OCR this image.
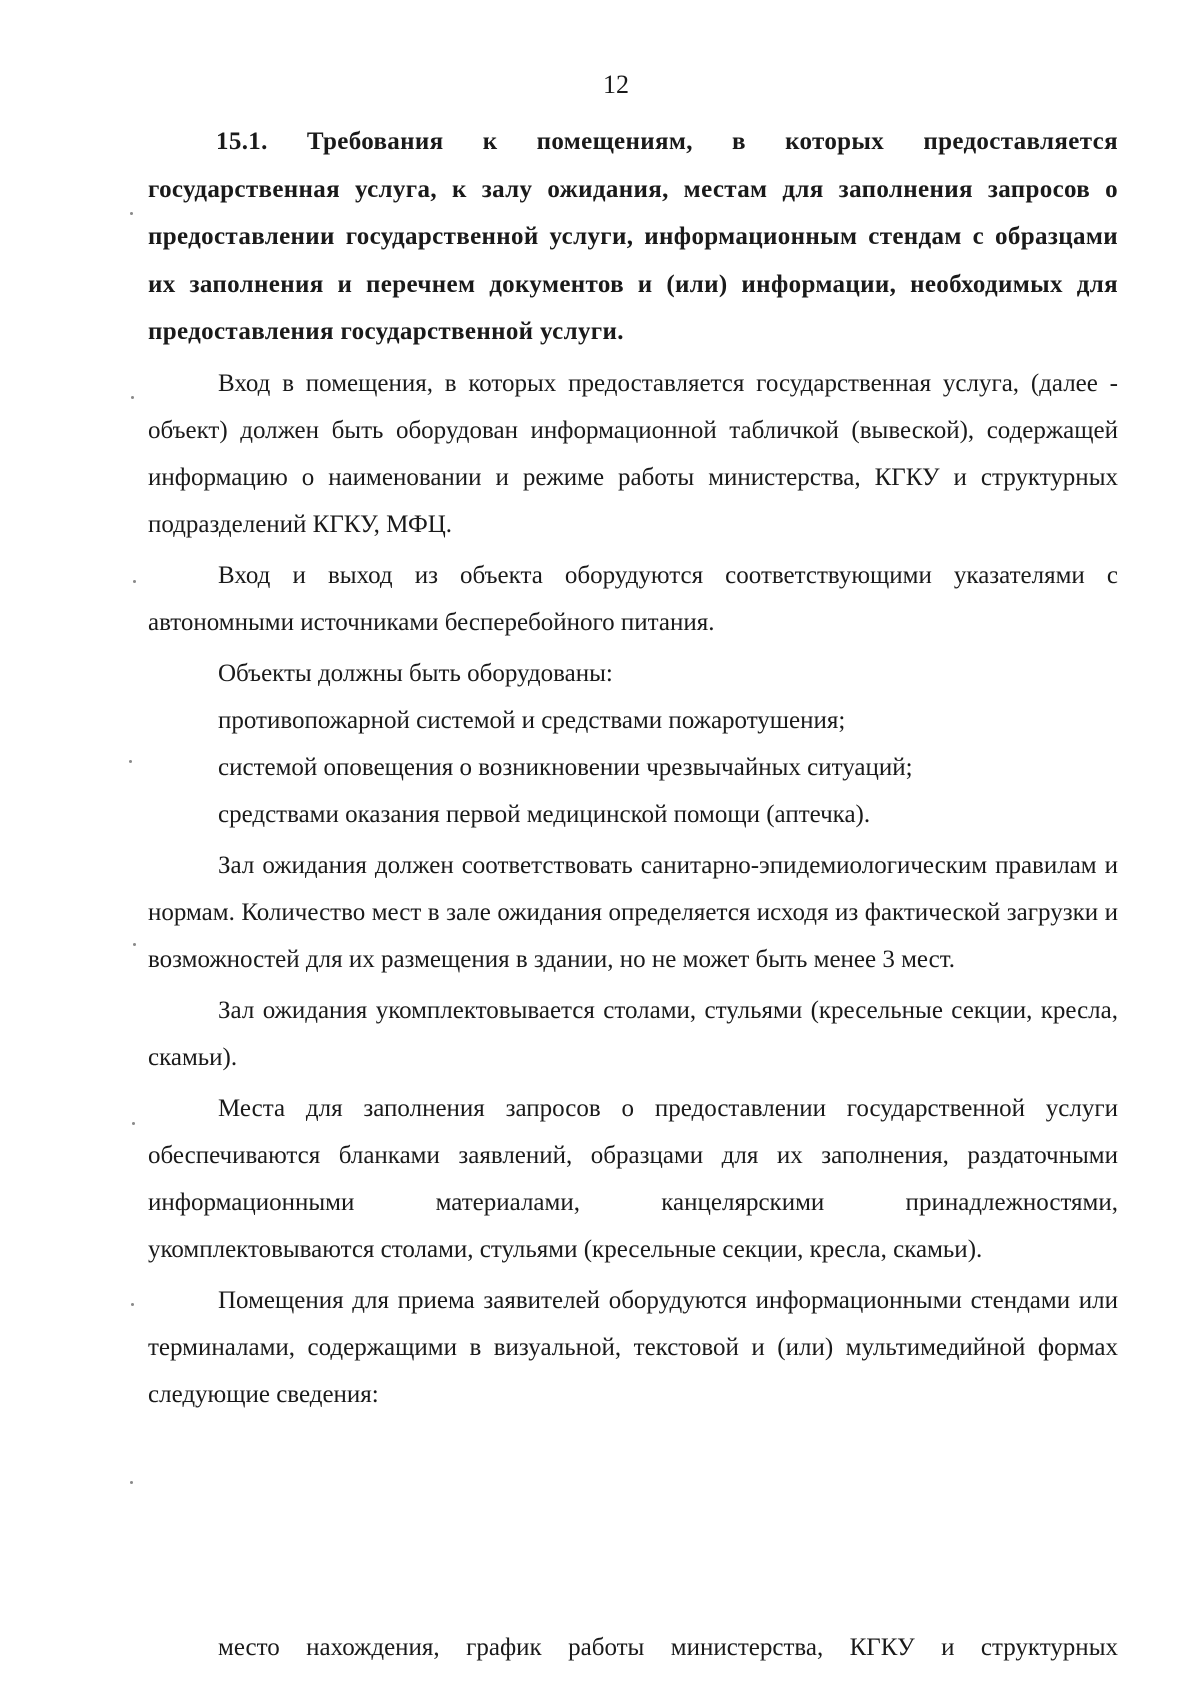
12

15.1. Требования к помещениям, в которых предоставляется государственная услуга, к залу ожидания, местам для заполнения запросов о предоставлении государственной услуги, информационным стендам с образцами их заполнения и перечнем документов и (или) информации, необходимых для предоставления государственной услуги.

Вход в помещения, в которых предоставляется государственная услуга, (далее - объект) должен быть оборудован информационной табличкой (вывеской), содержащей информацию о наименовании и режиме работы министерства, КГКУ и структурных подразделений КГКУ, МФЦ.

Вход и выход из объекта оборудуются соответствующими указателями с автономными источниками бесперебойного питания.

Объекты должны быть оборудованы:

противопожарной системой и средствами пожаротушения;

системой оповещения о возникновении чрезвычайных ситуаций;

средствами оказания первой медицинской помощи (аптечка).

Зал ожидания должен соответствовать санитарно-эпидемиологическим правилам и нормам. Количество мест в зале ожидания определяется исходя из фактической загрузки и возможностей для их размещения в здании, но не может быть менее 3 мест.

Зал ожидания укомплектовывается столами, стульями (кресельные секции, кресла, скамьи).

Места для заполнения запросов о предоставлении государственной услуги обеспечиваются бланками заявлений, образцами для их заполнения, раздаточными информационными материалами, канцелярскими принадлежностями, укомплектовываются столами, стульями (кресельные секции, кресла, скамьи).

Помещения для приема заявителей оборудуются информационными стендами или терминалами, содержащими в визуальной, текстовой и (или) мультимедийной формах следующие сведения:

место нахождения, график работы министерства, КГКУ и структурных
